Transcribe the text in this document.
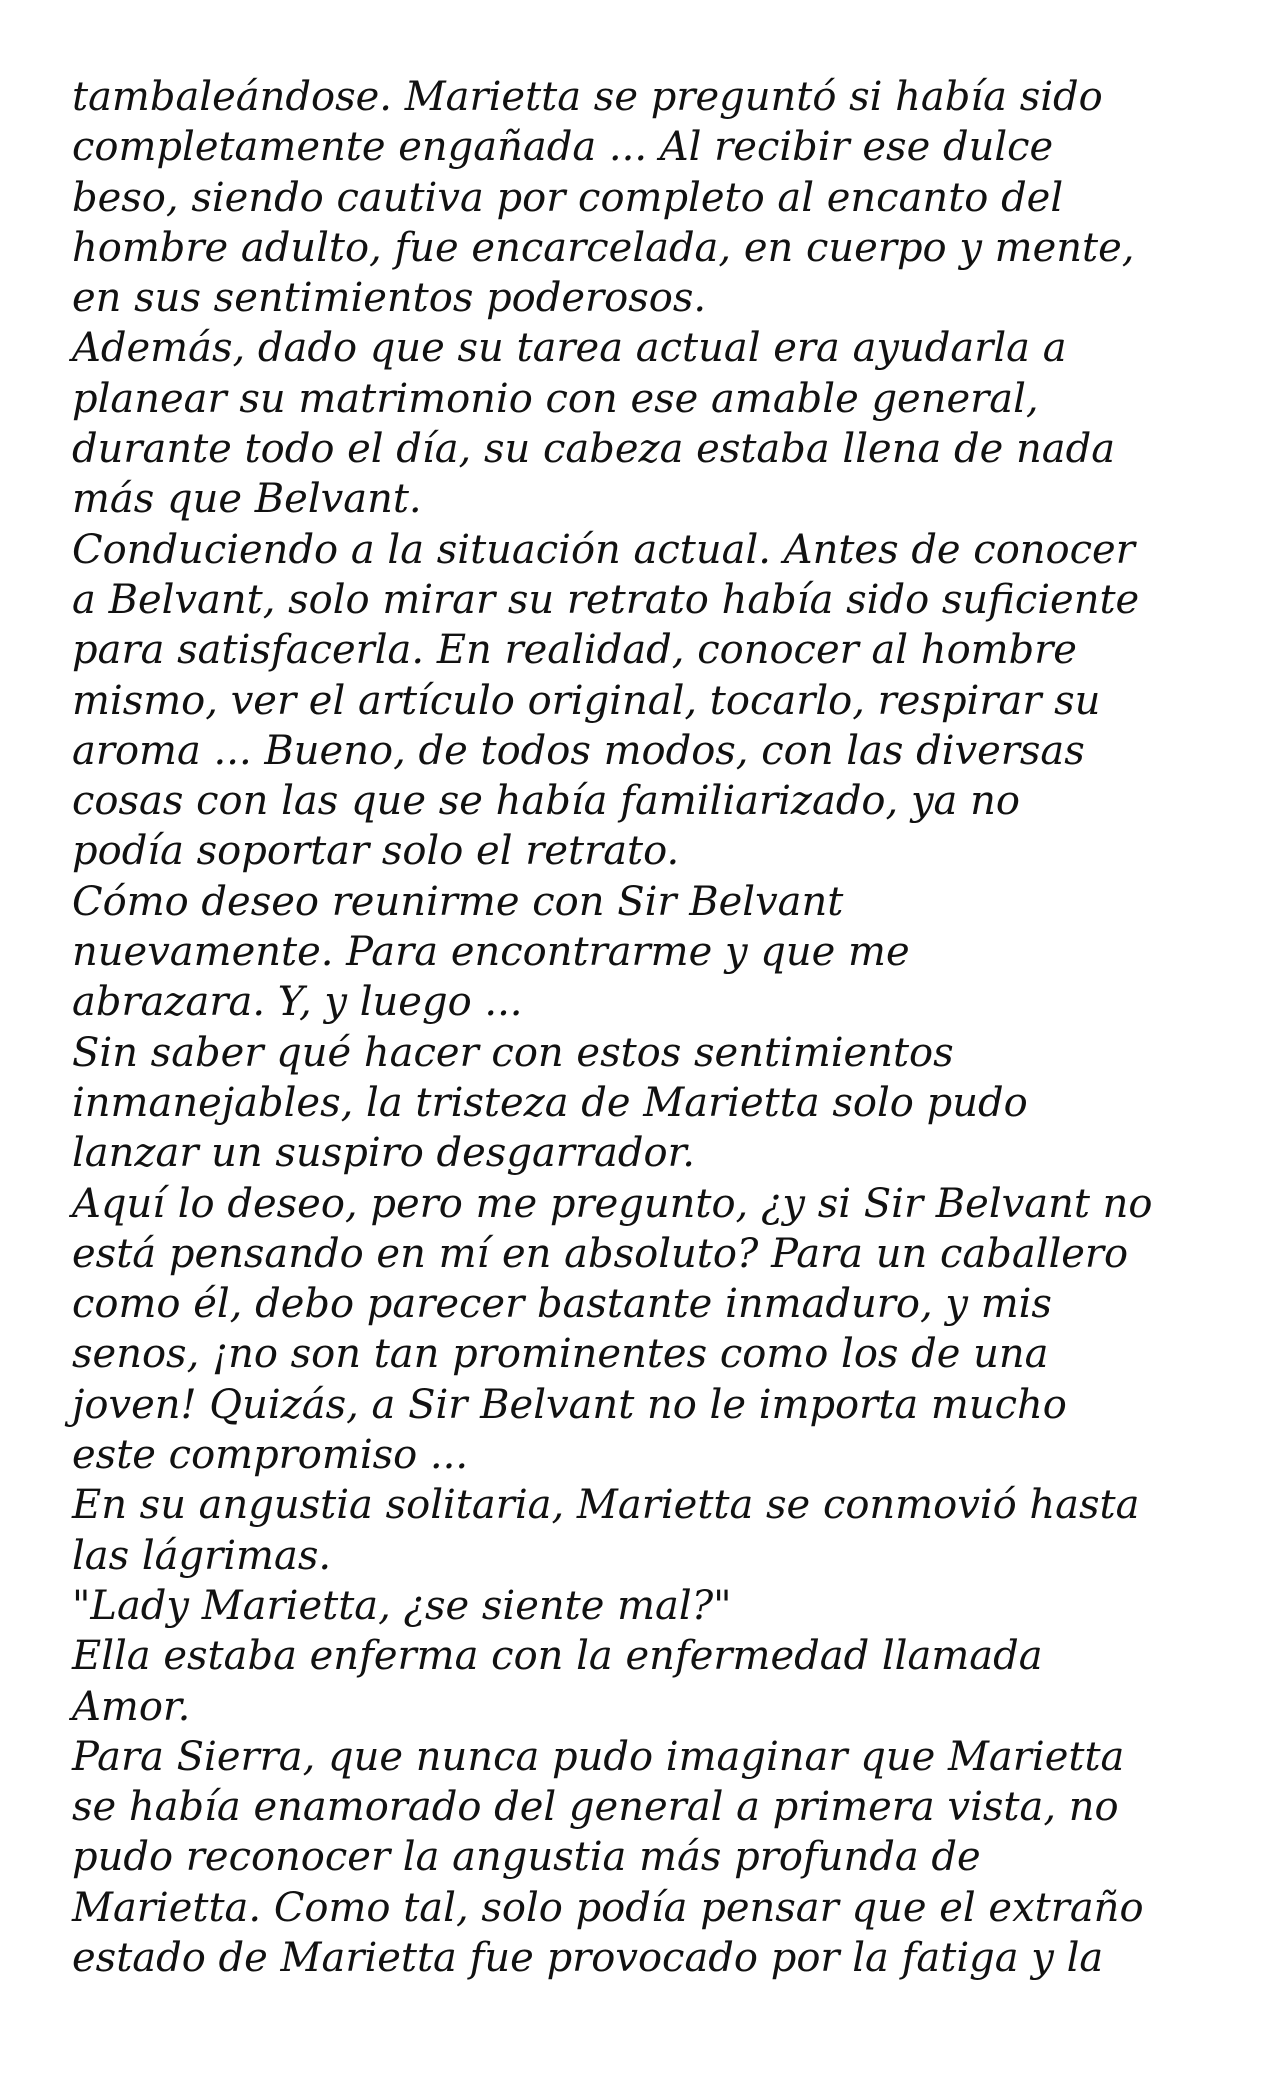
tambaleándose. Marietta se preguntó si había sido
completamente engañada ... Al recibir ese dulce
beso, siendo cautiva por completo al encanto del
hombre adulto, fue encarcelada, en cuerpo y mente,
en sus sentimientos poderosos.
Además, dado que su tarea actual era ayudarla a
planear su matrimonio con ese amable general,
durante todo el día, su cabeza estaba llena de nada
más que Belvant.
Conduciendo a la situación actual. Antes de conocer
a Belvant, solo mirar su retrato había sido suficiente
para satisfacerla. En realidad, conocer al hombre
mismo, ver el artículo original, tocarlo, respirar su
aroma ... Bueno, de todos modos, con las diversas
cosas con las que se había familiarizado, ya no
podía soportar solo el retrato.
Cómo deseo reunirme con Sir Belvant
nuevamente. Para encontrarme y que me
abrazara. Y, y luego ...
Sin saber qué hacer con estos sentimientos
inmanejables, la tristeza de Marietta solo pudo
lanzar un suspiro desgarrador.
Aquí lo deseo, pero me pregunto, ¿y si Sir Belvant no
está pensando en mí en absoluto? Para un caballero
como él, debo parecer bastante inmaduro, y mis
senos, ¡no son tan prominentes como los de una
joven! Quizás, a Sir Belvant no le importa mucho
este compromiso ...
En su angustia solitaria, Marietta se conmovió hasta
las lágrimas.
"Lady Marietta, ¿se siente mal?"
Ella estaba enferma con la enfermedad llamada
Amor.
Para Sierra, que nunca pudo imaginar que Marietta
se había enamorado del general a primera vista, no
pudo reconocer la angustia más profunda de
Marietta. Como tal, solo podía pensar que el extraño
estado de Marietta fue provocado por la fatiga y la
